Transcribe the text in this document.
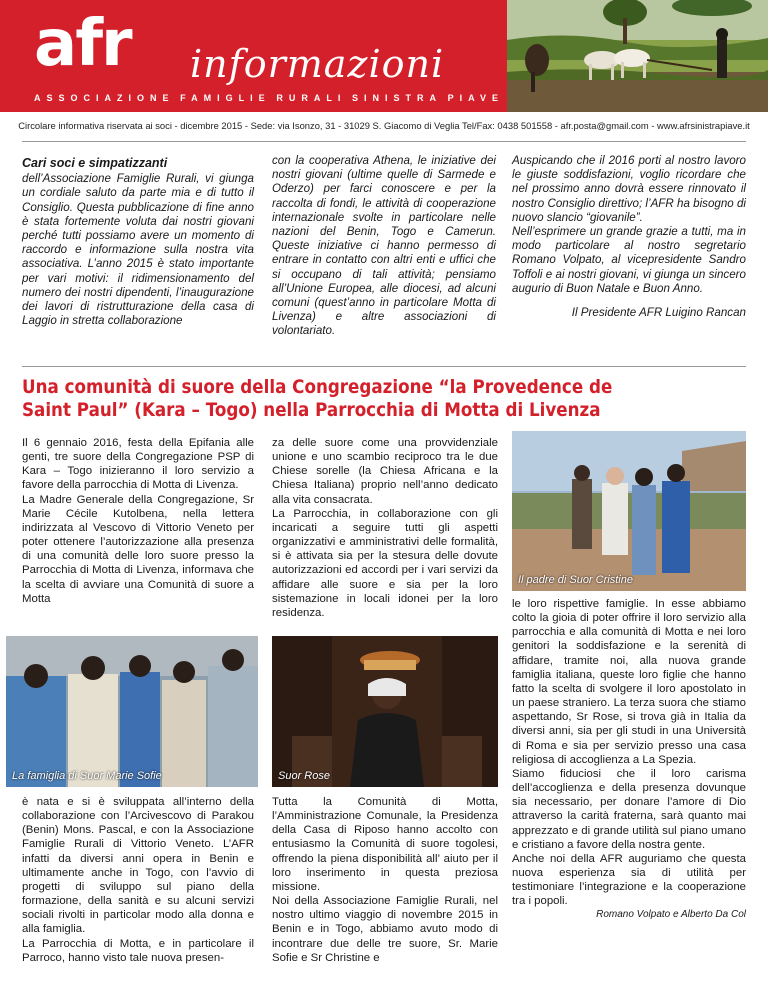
afr informazioni
ASSOCIAZIONE FAMIGLIE RURALI SINISTRA PIAVE
Circolare informativa riservata ai soci - dicembre 2015 - Sede: via Isonzo, 31 - 31029 S. Giacomo di Veglia Tel/Fax: 0438 501558 - afr.posta@gmail.com - www.afrsinistrapiave.it
Cari soci e simpatizzanti
dell’Associazione Famiglie Rurali, vi giunga un cordiale saluto da parte mia e di tutto il Consiglio. Questa pubblicazione di fine anno è stata fortemente voluta dai nostri giovani perché tutti possiamo avere un momento di raccordo e informazione sulla nostra vita associativa. L’anno 2015 è stato importante per vari motivi: il ridimensionamento del numero dei nostri dipendenti, l’inaugurazione dei lavori di ristrutturazione della casa di Laggio in stretta collaborazione
con la cooperativa Athena, le iniziative dei nostri giovani (ultime quelle di Sarmede e Oderzo) per farci conoscere e per la raccolta di fondi, le attività di cooperazione internazionale svolte in particolare nelle nazioni del Benin, Togo e Camerun. Queste iniziative ci hanno permesso di entrare in contatto con altri enti e uffici che si occupano di tali attività; pensiamo all’Unione Europea, alle diocesi, ad alcuni comuni (quest’anno in particolare Motta di Livenza) e altre associazioni di volontariato.
Auspicando che il 2016 porti al nostro lavoro le giuste soddisfazioni, voglio ricordare che nel prossimo anno dovrà essere rinnovato il nostro Consiglio direttivo; l’AFR ha bisogno di nuovo slancio “giovanile”.
Nell’esprimere un grande grazie a tutti, ma in modo particolare al nostro segretario Romano Volpato, al vicepresidente Sandro Toffoli e ai nostri giovani, vi giunga un sincero augurio di Buon Natale e Buon Anno.
Il Presidente AFR Luigino Rancan
Una comunità di suore della Congregazione “la Provedence de
Saint Paul” (Kara – Togo) nella Parrocchia di Motta di Livenza
Il 6 gennaio 2016, festa della Epifania alle genti, tre suore della Congregazione PSP di Kara – Togo inizieranno il loro servizio a favore della parrocchia di Motta di Livenza.
La Madre Generale della Congregazione, Sr Marie Cécile Kutolbena, nella lettera indirizzata al Vescovo di Vittorio Veneto per poter ottenere l’autorizzazione alla presenza di una comunità delle loro suore presso la Parrocchia di Motta di Livenza, informava che la scelta di avviare una Comunità di suore a Motta
za delle suore come una provvidenziale unione e uno scambio reciproco tra le due Chiese sorelle (la Chiesa Africana e la Chiesa Italiana) proprio nell’anno dedicato alla vita consacrata.
La Parrocchia, in collaborazione con gli incaricati a seguire tutti gli aspetti organizzativi e amministrativi delle formalità, si è attivata sia per la stesura delle dovute autorizzazioni ed accordi per i vari servizi da affidare alle suore e sia per la loro sistemazione in locali idonei per la loro residenza.
Il padre di Suor Cristine
La famiglia di Suor Marie Sofie	Suor Rose
è nata e si è sviluppata all’interno della collaborazione con l’Arcivescovo di Parakou (Benin) Mons. Pascal, e con la Associazione Famiglie Rurali di Vittorio Veneto. L’AFR infatti da diversi anni opera in Benin e ultimamente anche in Togo, con l’avvio di progetti di sviluppo sul piano della formazione, della sanità e su alcuni servizi sociali rivolti in particolar modo alla donna e alla famiglia.
La Parrocchia di Motta, e in particolare il Parroco, hanno visto tale nuova presen-
Tutta la Comunità di Motta, l’Amministrazione Comunale, la Presidenza della Casa di Riposo hanno accolto con entusiasmo la Comunità di suore togolesi, offrendo la piena disponibilità all’ aiuto per il loro inserimento in questa preziosa missione.
Noi della Associazione Famiglie Rurali, nel nostro ultimo viaggio di novembre 2015 in Benin e in Togo, abbiamo avuto modo di incontrare due delle tre suore, Sr. Marie Sofie e Sr Christine e
le loro rispettive famiglie. In esse abbiamo colto la gioia di poter offrire il loro servizio alla parrocchia e alla comunità di Motta e nei loro genitori la soddisfazione e la serenità di affidare, tramite noi, alla nuova grande famiglia italiana, queste loro figlie che hanno fatto la scelta di svolgere il loro apostolato in un paese straniero. La terza suora che stiamo aspettando, Sr Rose, si trova già in Italia da diversi anni, sia per gli studi in una Università di Roma e sia per servizio presso una casa religiosa di accoglienza a La Spezia.
Siamo fiduciosi che il loro carisma dell’accoglienza e della presenza dovunque sia necessario, per donare l’amore di Dio attraverso la carità fraterna, sarà quanto mai apprezzato e di grande utilità sul piano umano e cristiano a favore della nostra gente.
Anche noi della AFR auguriamo che questa nuova esperienza sia di utilità per testimoniare l’integrazione e la cooperazione tra i popoli.
Romano Volpato e Alberto Da Col
